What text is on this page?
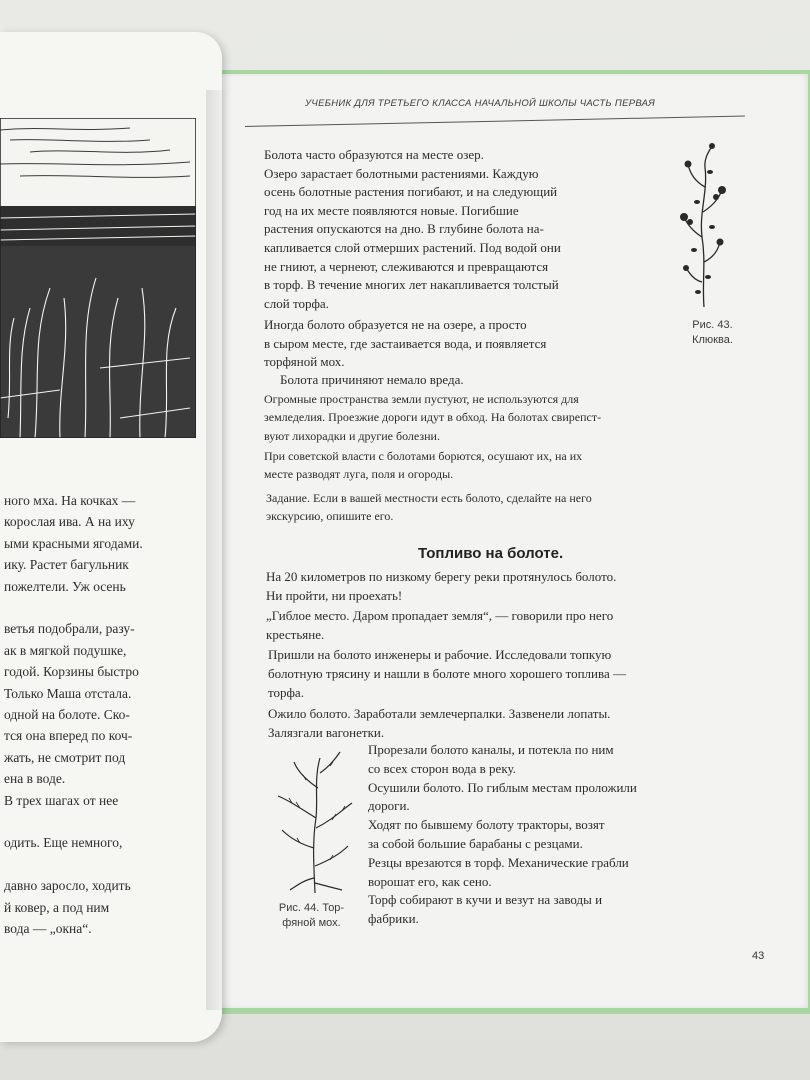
УЧЕБНИК ДЛЯ ТРЕТЬЕГО КЛАССА НАЧАЛЬНОЙ ШКОЛЫ ЧАСТЬ ПЕРВАЯ
Болота часто образуются на месте озер.
Озеро зарастает болотными растениями. Каждую
осень болотные растения погибают, и на следующий
год на их месте появляются новые. Погибшие
растения опускаются на дно. В глубине болота на-
капливается слой отмерших растений. Под водой они
не гниют, а чернеют, слеживаются и превращаются
в торф. В течение многих лет накапливается толстый
слой торфа.
Рис. 43.
Клюква.
Иногда болото образуется не на озере, а просто
в сыром месте, где застаивается вода, и появляется
торфяной мох.
Болота причиняют немало вреда.
Огромные пространства земли пустуют, не используются для
земледелия. Проезжие дороги идут в обход. На болотах свирепст-
вуют лихорадки и другие болезни.
При советской власти с болотами борются, осушают их, на их
месте разводят луга, поля и огороды.
Задание. Если в вашей местности есть болото, сделайте на него
экскурсию, опишите его.
Топливо на болоте.
На 20 километров по низкому берегу реки протянулось болото.
Ни пройти, ни проехать!
„Гиблое место. Даром пропадает земля“, — говорили про него
крестьяне.
Пришли на болото инженеры и рабочие. Исследовали топкую
болотную трясину и нашли в болоте много хорошего топлива —
торфа.
Ожило болото. Заработали землечерпалки. Зазвенели лопаты.
Залязгали вагонетки.
Прорезали болото каналы, и потекла по ним
со всех сторон вода в реку.
Осушили болото. По гиблым местам проложили
дороги.
Ходят по бывшему болоту тракторы, возят
за собой большие барабаны с резцами.
Резцы врезаются в торф. Механические грабли
ворошат его, как сено.
Торф собирают в кучи и везут на заводы и
фабрики.
Рис. 44. Тор-
фяной мох.
43
ного мха. На кочках —
корослая ива. А на иху
ыми красными ягодами.
ику. Растет багульник
пожелтели. Уж осень
ветья подобрали, разу-
ак в мягкой подушке,
годой. Корзины быстро
Только Маша отстала.
одной на болоте. Ско-
тся она вперед по коч-
жать, не смотрит под
ена в воде.
В трех шагах от нее
одить. Еще немного,
давно заросло, ходить
й ковер, а под ним
вода — „окна“.
